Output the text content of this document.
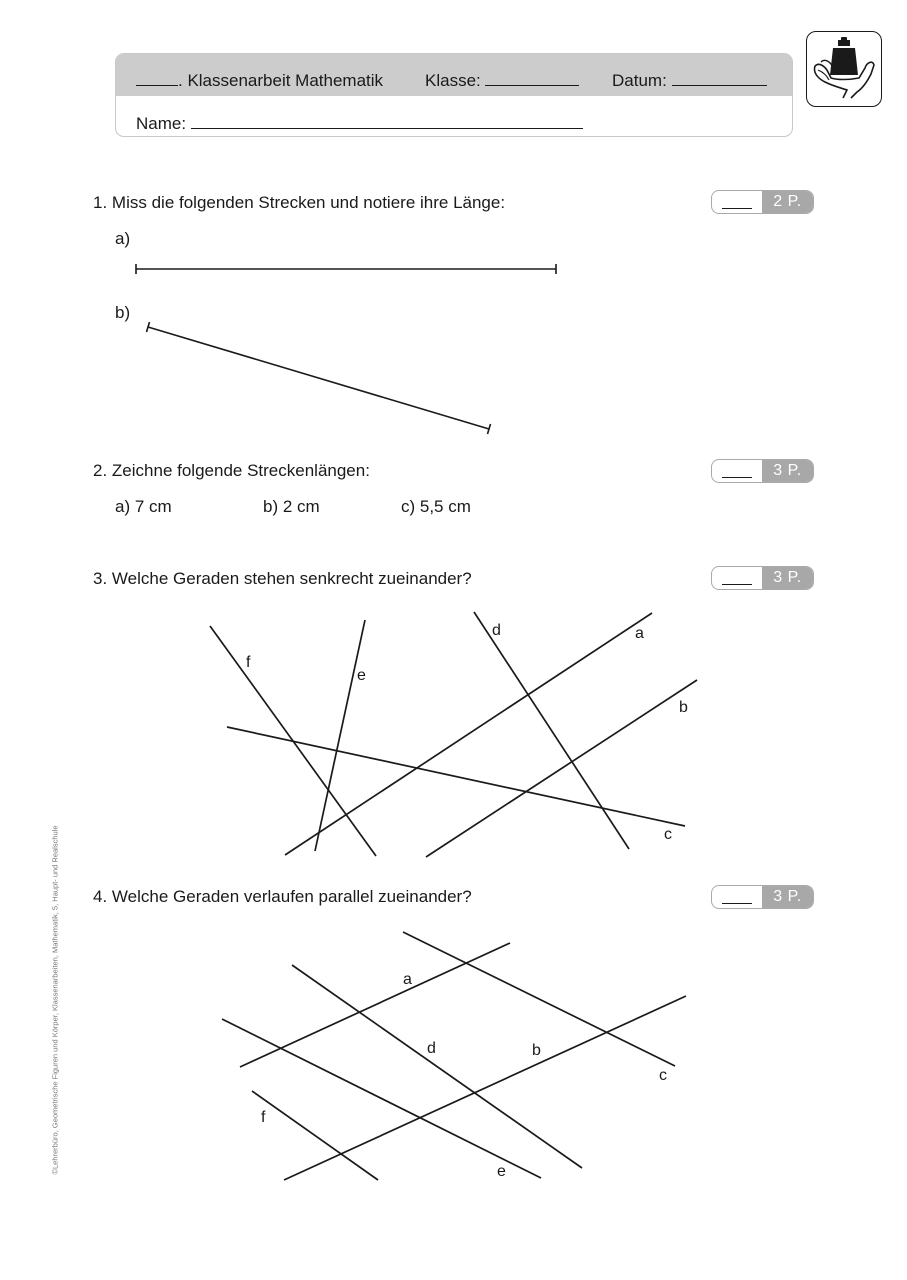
. Klassenarbeit Mathematik Klasse:	Datum:
Name:
1. Miss die folgenden Strecken und notiere ihre Länge:	2 P.
a)
b)
2. Zeichne folgende Streckenlängen:	3 P.
a) 7 cm	b) 2 cm	c) 5,5 cm
3. Welche Geraden stehen senkrecht zueinander?	3 P.
a
b
c
d
e
f
4. Welche Geraden verlaufen parallel zueinander?	3 P.
a
b
c
d
e
f
©Lehrerbüro, Geometrische Figuren und Körper, Klassenarbeiten, Mathematik, 5, Haupt- und Realschule
